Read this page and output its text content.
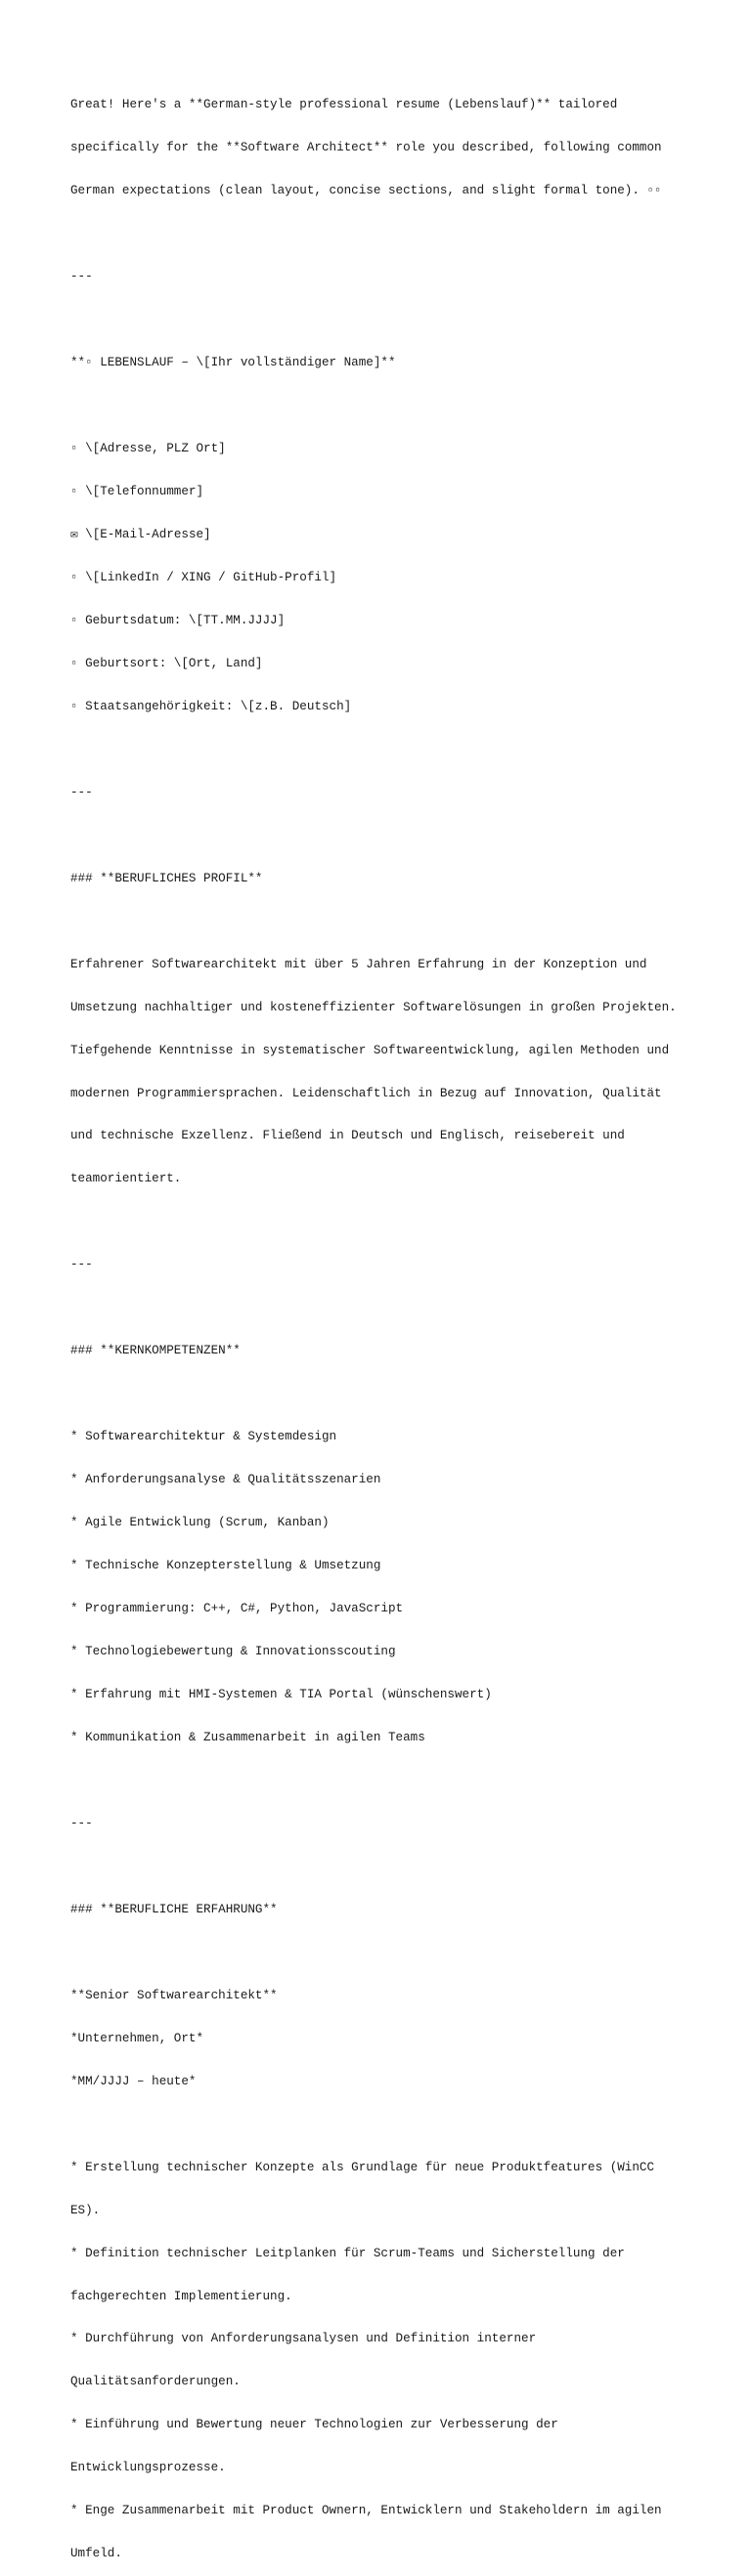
Great! Here's a **German-style professional resume (Lebenslauf)** tailored

specifically for the **Software Architect** role you described, following common

German expectations (clean layout, concise sections, and slight formal tone). ▫▫

---

**▫ LEBENSLAUF – \[Ihr vollständiger Name]**

▫ \[Adresse, PLZ Ort]

▫ \[Telefonnummer]

✉ \[E-Mail-Adresse]

▫ \[LinkedIn / XING / GitHub-Profil]

▫ Geburtsdatum: \[TT.MM.JJJJ]

▫ Geburtsort: \[Ort, Land]

▫ Staatsangehörigkeit: \[z.B. Deutsch]

---

### **BERUFLICHES PROFIL**

Erfahrener Softwarearchitekt mit über 5 Jahren Erfahrung in der Konzeption und

Umsetzung nachhaltiger und kosteneffizienter Softwarelösungen in großen Projekten.

Tiefgehende Kenntnisse in systematischer Softwareentwicklung, agilen Methoden und

modernen Programmiersprachen. Leidenschaftlich in Bezug auf Innovation, Qualität

und technische Exzellenz. Fließend in Deutsch und Englisch, reisebereit und

teamorientiert.

---

### **KERNKOMPETENZEN**

* Softwarearchitektur & Systemdesign

* Anforderungsanalyse & Qualitätsszenarien

* Agile Entwicklung (Scrum, Kanban)

* Technische Konzepterstellung & Umsetzung

* Programmierung: C++, C#, Python, JavaScript

* Technologiebewertung & Innovationsscouting

* Erfahrung mit HMI-Systemen & TIA Portal (wünschenswert)

* Kommunikation & Zusammenarbeit in agilen Teams

---

### **BERUFLICHE ERFAHRUNG**

**Senior Softwarearchitekt**

*Unternehmen, Ort*

*MM/JJJJ – heute*

* Erstellung technischer Konzepte als Grundlage für neue Produktfeatures (WinCC

ES).

* Definition technischer Leitplanken für Scrum-Teams und Sicherstellung der

fachgerechten Implementierung.

* Durchführung von Anforderungsanalysen und Definition interner

Qualitätsanforderungen.

* Einführung und Bewertung neuer Technologien zur Verbesserung der

Entwicklungsprozesse.

* Enge Zusammenarbeit mit Product Ownern, Entwicklern und Stakeholdern im agilen

Umfeld.
